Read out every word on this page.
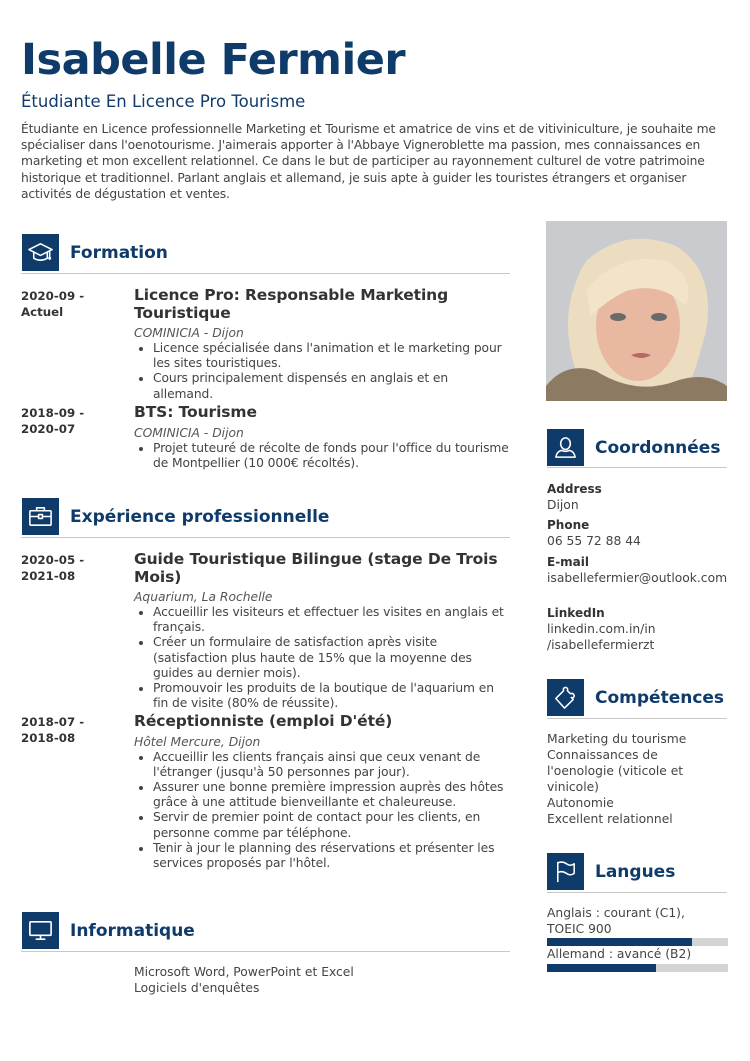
Isabelle Fermier
Étudiante En Licence Pro Tourisme
Étudiante en Licence professionnelle Marketing et Tourisme et amatrice de vins et de vitiviniculture, je souhaite me spécialiser dans l'oenotourisme. J'aimerais apporter à l'Abbaye Vigneroblette ma passion, mes connaissances en marketing et mon excellent relationnel. Ce dans le but de participer au rayonnement culturel de votre patrimoine historique et traditionnel. Parlant anglais et allemand, je suis apte à guider les touristes étrangers et organiser activités de dégustation et ventes.
Formation
2020-09 - Actuel
Licence Pro: Responsable Marketing Touristique
COMINICIA - Dijon
• Licence spécialisée dans l'animation et le marketing pour les sites touristiques.
• Cours principalement dispensés en anglais et en allemand.
2018-09 - 2020-07
BTS: Tourisme
COMINICIA - Dijon
• Projet tuteuré de récolte de fonds pour l'office du tourisme de Montpellier (10 000€ récoltés).
Expérience professionnelle
2020-05 - 2021-08
Guide Touristique Bilingue (stage De Trois Mois)
Aquarium, La Rochelle
• Accueillir les visiteurs et effectuer les visites en anglais et français.
• Créer un formulaire de satisfaction après visite (satisfaction plus haute de 15% que la moyenne des guides au dernier mois).
• Promouvoir les produits de la boutique de l'aquarium en fin de visite (80% de réussite).
2018-07 - 2018-08
Réceptionniste (emploi D'été)
Hôtel Mercure, Dijon
• Accueillir les clients français ainsi que ceux venant de l'étranger (jusqu'à 50 personnes par jour).
• Assurer une bonne première impression auprès des hôtes grâce à une attitude bienveillante et chaleureuse.
• Servir de premier point de contact pour les clients, en personne comme par téléphone.
• Tenir à jour le planning des réservations et présenter les services proposés par l'hôtel.
Informatique
Microsoft Word, PowerPoint et Excel
Logiciels d'enquêtes
Coordonnées
Address
Dijon
Phone
06 55 72 88 44
E-mail
isabellefermier@outlook.com
LinkedIn
linkedin.com.in/in /isabellefermierzt
Compétences
Marketing du tourisme
Connaissances de l'oenologie (viticole et vinicole)
Autonomie
Excellent relationnel
Langues
Anglais : courant (C1), TOEIC 900
Allemand : avancé (B2)
